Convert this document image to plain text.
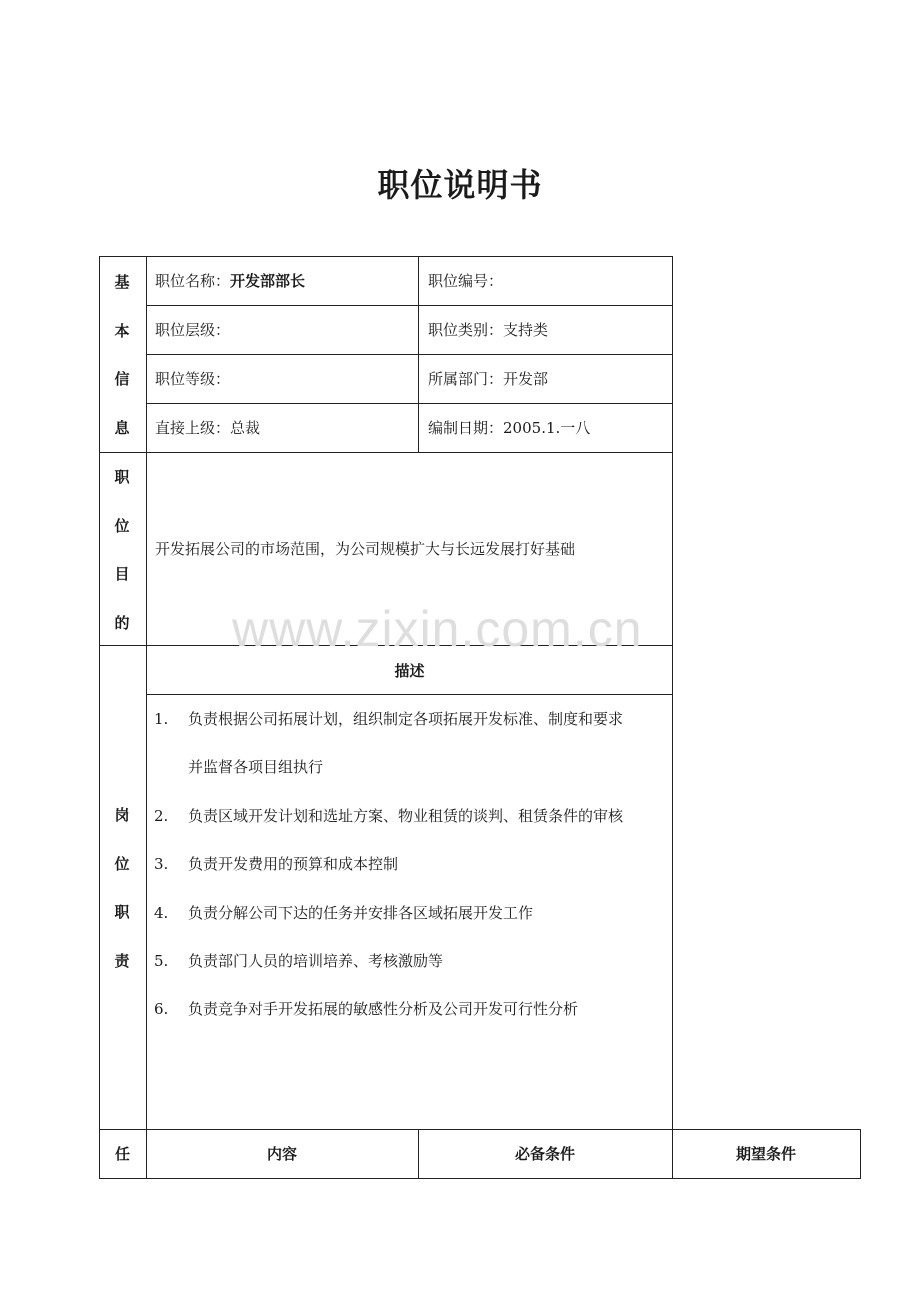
职位说明书
基
本
信
息
职位名称：开发部部长	职位编号：
职位层级：	职位类别：支持类
职位等级：	所属部门：开发部
直接上级：总裁	编制日期：2005.1.一八
职
位
目
的
开发拓展公司的市场范围，为公司规模扩大与长远发展打好基础
岗
位
职
责
描述
1. 负责根据公司拓展计划，组织制定各项拓展开发标准、制度和要求
并监督各项目组执行
2. 负责区域开发计划和选址方案、物业租赁的谈判、租赁条件的审核
3. 负责开发费用的预算和成本控制
4. 负责分解公司下达的任务并安排各区域拓展开发工作
5. 负责部门人员的培训培养、考核激励等
6. 负责竞争对手开发拓展的敏感性分析及公司开发可行性分析
任	内容	必备条件	期望条件
www.zixin.com.cn
